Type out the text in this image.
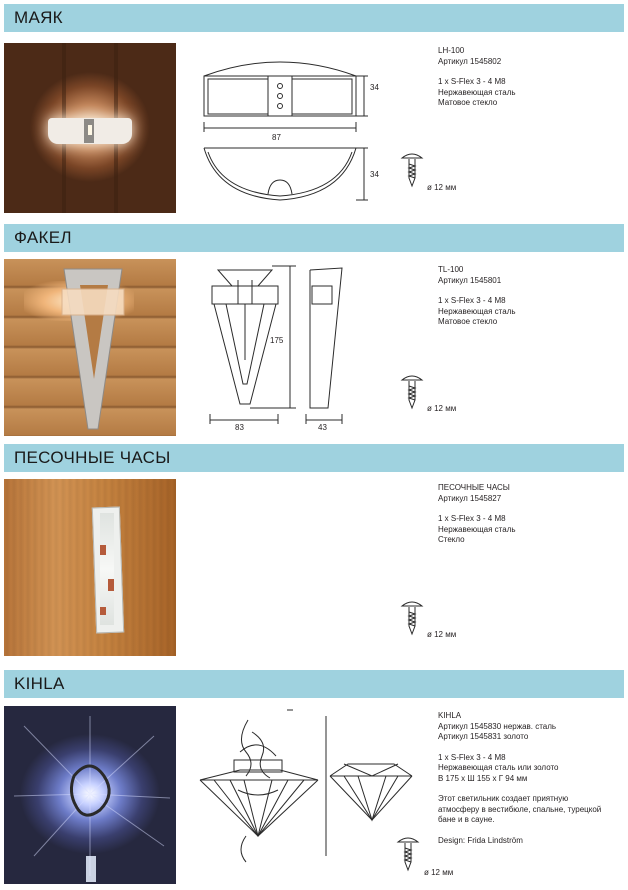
МАЯК
34
87
34
LH-100
Артикул 1545802
1 x S-Flex 3 - 4 M8
Нержавеющая сталь
Матовое стекло
ø 12 мм
ФАКЕЛ
175
83	43
TL-100
Артикул 1545801
1 x S-Flex 3 - 4 M8
Нержавеющая сталь
Матовое стекло
ø 12 мм
ПЕСОЧНЫЕ ЧАСЫ
ПЕСОЧНЫЕ ЧАСЫ
Артикул 1545827
1 x S-Flex 3 - 4 M8
Нержавеющая сталь
Стекло
ø 12 мм
KIHLA
KIHLA
Артикул 1545830 нержав. сталь
Артикул 1545831 золото
1 x S-Flex 3 - 4 M8
Нержавеющая сталь или золото
В 175 x Ш 155 x Г 94 мм
Этот светильник создает приятную
атмосферу в вестибюле, спальне, турецкой
бане и в сауне.
Design: Frida Lindström
ø 12 мм
